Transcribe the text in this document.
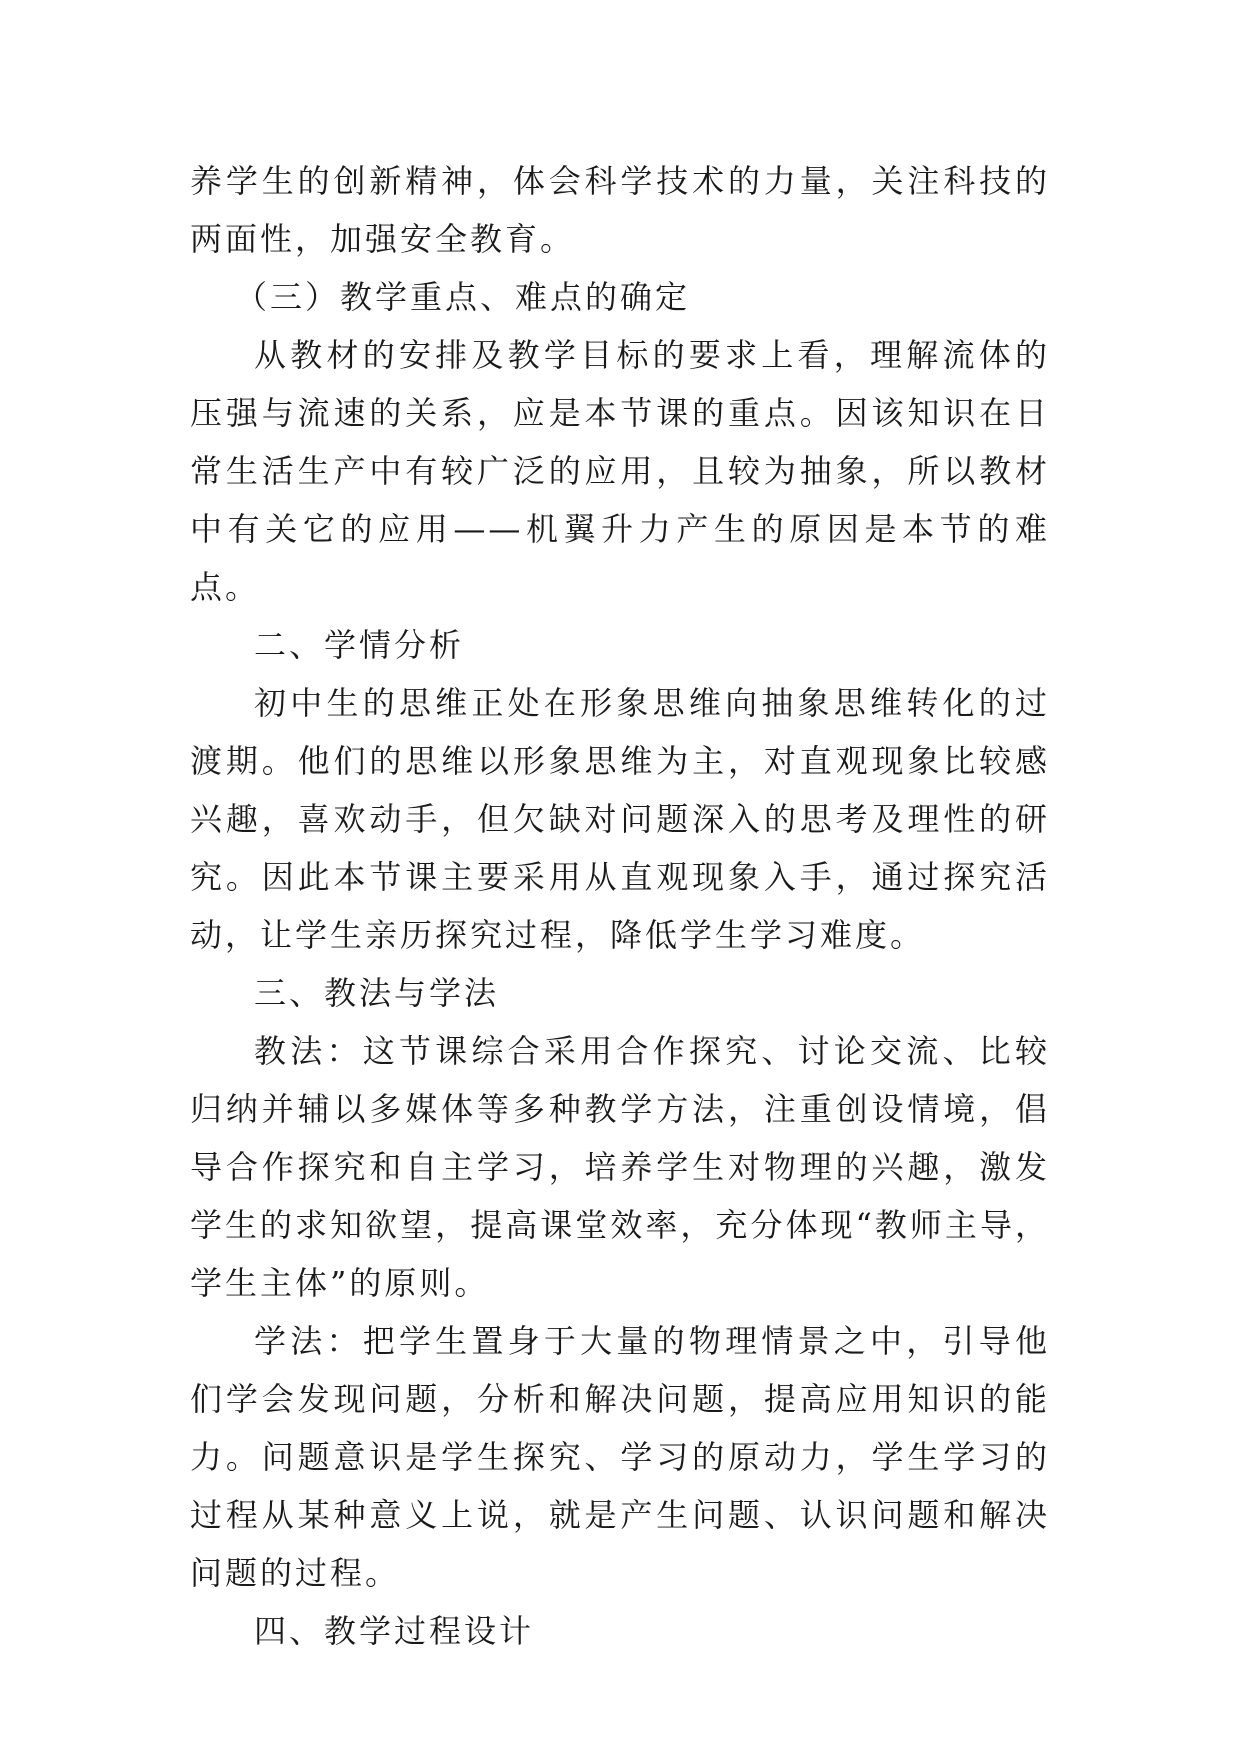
养学生的创新精神，体会科学技术的力量，关注科技的两面性，加强安全教育。

（三）教学重点、难点的确定

从教材的安排及教学目标的要求上看，理解流体的压强与流速的关系，应是本节课的重点。因该知识在日常生活生产中有较广泛的应用，且较为抽象，所以教材中有关它的应用——机翼升力产生的原因是本节的难点。

二、学情分析

初中生的思维正处在形象思维向抽象思维转化的过渡期。他们的思维以形象思维为主，对直观现象比较感兴趣，喜欢动手，但欠缺对问题深入的思考及理性的研究。因此本节课主要采用从直观现象入手，通过探究活动，让学生亲历探究过程，降低学生学习难度。

三、教法与学法

教法：这节课综合采用合作探究、讨论交流、比较归纳并辅以多媒体等多种教学方法，注重创设情境，倡导合作探究和自主学习，培养学生对物理的兴趣，激发学生的求知欲望，提高课堂效率，充分体现“教师主导，学生主体”的原则。

学法：把学生置身于大量的物理情景之中，引导他们学会发现问题，分析和解决问题，提高应用知识的能力。问题意识是学生探究、学习的原动力，学生学习的过程从某种意义上说，就是产生问题、认识问题和解决问题的过程。

四、教学过程设计
